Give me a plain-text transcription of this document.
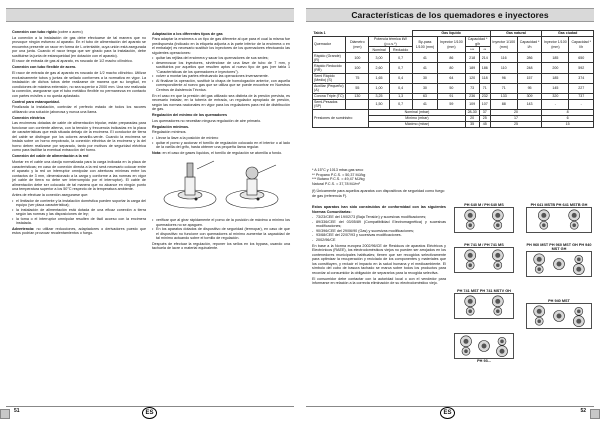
Conexión con tubo rígido (cobre o acero)

La conexión a la instalación de gas debe efectuarse de tal manera que no provoque ningún esfuerzo al aparato. En el tubo de alimentación del aparato se encuentra presente un racor en forma de L orientable, cuya unión está asegurada por una junta. Cuando el racor tenga que ser girado para la instalación, debe sustituirse la junta de estanqueidad (en dotación con el aparato).

El racor de entrada de gas al aparato, es roscado de 1/2 macho cilíndrico.

Conexión con tubo flexible de acero.

El racor de entrada de gas al aparato es roscado de 1/2 macho cilíndrico. Utilizar exclusivamente tubos y juntas de sellado conformes a la normativa en vigor. La instalación de dichos tubos debe realizarse de manera que su longitud, en condiciones de máxima extensión, no sea superior a 2000 mm. Una vez realizada la conexión, asegurarse que el tubo metálico flexible no permanezca en contacto con partes móviles o no queda aplastado.

Control para estanqueidad.

Finalizada la instalación, controlar el perfecto estado de todos los racores utilizando una solución jabonosa y nunca una llama.

Conexión eléctrica

Las encimeras dotadas de cable de alimentación tripolar, están preparadas para funcionar con corriente alterna, con la tensión y frecuencia indicadas en la placa de características que está situada debajo de la encimera. El conductor de tierra del cable se distingue por los colores amarillo-verde. Cuando la encimera se instala sobre un horno empotrado, la conexión eléctrica de la encimera y la del horno deben realizarse por separado, tanto por motivos de seguridad eléctrica como para facilitar la eventual extracción del horno.

Conexión del cable de alimentación a la red

Montar en el cable una clavija normalizada para la carga indicada en la placa de características; en caso de conexión directa a la red será necesario colocar entre el aparato y la red un interruptor omnipolar con aberturas mínimas entre los contactos de 3 mm, dimensionado a la carga y conforme a las normas en vigor (el cable de tierra no debe ser interrumpido por el interruptor). El cable de alimentación debe ser colocado de tal manera que no alcance en ningún punto una temperatura superior a los 50°C respecto de la temperatura ambiente.

Antes de efectuar la conexión asegurarse que:

• el limitador de corriente y la instalación doméstica pueden soportar la carga del equipo (ver placa característica);
• la instalación de alimentación está dotada de una eficaz conexión a tierra según las normas y las disposiciones de ley;
• la toma o el interruptor omnipolar resulten de fácil acceso con la encimera instalada.

Advertencia: no utilizar reducciones, adaptadores o derivadores puesto que estos podrían provocar recalentamientos o fuego.

Adaptación a los diferentes tipos de gas

Para adaptar la encimera a un tipo de gas diferente al que para el cual la misma fue predispuesta (indicado en la etiqueta adjunta a la parte inferior de la encimera o en el embalaje) es necesario sustituir los inyectores de los quemadores efectuando las siguientes operaciones:

• quitar las rejillas del encimera y sacar los quemadores de sus sedes;
• desenroscar los inyectores, sirviéndose de una llave de tubo de 7 mm, y sustituirlos por aquellos que resulten aptos al nuevo tipo de gas (ver tabla 1 "Características de los quemadores e inyectores").
• volver a montar las partes efectuando las operaciones inversamente.
• Al finalizar la operación, sustituir la chapa de homologación anterior, con aquella correspondiente al nuevo gas que se utiliza que se puede encontrar en Nuestros Centros de Asistencia Técnica.

En el caso en que la presión del gas utilizado sea distinta de la presión prevista, es necesario instalar, en la tubería de entrada, un regulador apropiado de presión, según las normas nacionales en vigor para los reguladores para red de distribución de gas.

Regulación del mínimo de los quemadores

Los quemadores no necesitan ninguna regulación de aire primario.

Regulación mínimos.

Regulación mínimos.

• Llevar la llave a la posición de mínimo
• quitar el pomo y accionar el tornillo de regulación colocado en el interior o al lado de la varilla del grifo, hasta obtener una pequeña llama regular.

Nota: en el caso de gases líquidos, el tornillo de regulación se atornilla a fondo.

• verificar que al girar rápidamente el pomo de la posición de máximo a mínimo los quemadores no se apaguen.
• En los aparatos dotados de dispositivo de seguridad (termopar), en caso de que el dispositivo no funcione con quemadores al mínimo aumentar la capacidad de tal mínimo actuando sobre el tornillo de regulación.

Después de efectuar la regulación, reponer los sellos en los bypass, usando una tachuela de lacre o material equivalente.

51	ES
Características de los quemadores e inyectores
Tabla 1				Gas líquido				Gas natural		Gas ciudad	
Quemador	Diámetro (mm)	Potencia térmica kW (p.c.s.*)		By-pass 1/100 (mm)	Inyector 1/100 (mm)	Capacidad * g/h		Inyector 1/100 (mm)	Capacidad * l/h	Inyector 1/100 (mm)	Capacidad * l/h
		Nominal	Reducido			***	**				
Rápido (Grande) (R)	100	3,00	0,7	41	86	218	214	116	286	185	650
Rápido Reducido (RR)	100	2,60	0,7	41	80	189	186	110	248	200	592
Semi Rápido (Medio) (S)	75	1,65	0,4	30	64	120	118	96	157	185	374
Auxiliar (Pequeño) (A)	55	1,00	0,4	30	50	73	71	71	95	145	227
Corona Triple (TC)	130	3,25	1,3	63	91	236	232	133	309	320	737
Semi-Pesados (SP)		1,50	0,7	41	59	109	107	88	143	-	-
Presiones de suministro		Nominal (mbar)				28-30	37	20		8	
		Mínimo (mbar)				20	25	17		6	
		Máximo (mbar)				35	45	25		15	
* A 15°C y 1013 mbar-gas seco
** Propano P.C.S. = 50,37 MJ/kg
*** Butano P.C.S. = 49,47 MJ/kg
Natural P.C.S. = 37,78 MJ/m³
(f) Únicamente para aquellos aparatos con dispositivos de seguridad como fuego de gas (referencia F).

Estos aparatos han sido construidos de conformidad con las siguientes Normas Comunitarias:

- 73/23/CEE del 19/02/73 (Baja Tensión) y sucesivas modificaciones;
- 89/336/CEE del 03/05/89 (Compatibilidad Electromagnética) y sucesivas modificaciones;
- 90/396/CEE del 29/06/90 (Gas) y sucesivas modificaciones;
- 93/68/CEE del 22/07/93 y sucesivas modificaciones.
- 2002/96/CE

En base a la Norma europea 2002/96/CE de Residuos de aparatos Eléctricos y Electrónicos (RAEE), los electrodomésticos viejos no pueden ser arrojados en los contenedores municipales habituales; tienen que ser recogidos selectivamente para optimizar la recuperación y reciclado de los componentes y materiales que los constituyen, y reducir el impacto en la salud humana y el medioambiente. El símbolo del cubo de basura tachado se marca sobre todos los productos para recordar al consumidor la obligación de separarlos para la recogida selectiva.

El consumidor debe contactar con la autoridad local o con el vendedor para informarse en relación a la correcta eliminación de su electrodoméstico viejo.

PH 640 M / PH 640 MS	PH 641 MSTB PH 641 MSTB GH
PH 741 M / PH 741 MS	PH 960 MST PH 960 MST GH PH 940 MST GH
PH 741 MST PH 741 MSTV GH
PH 940 MST
PH 93...
ES	52
